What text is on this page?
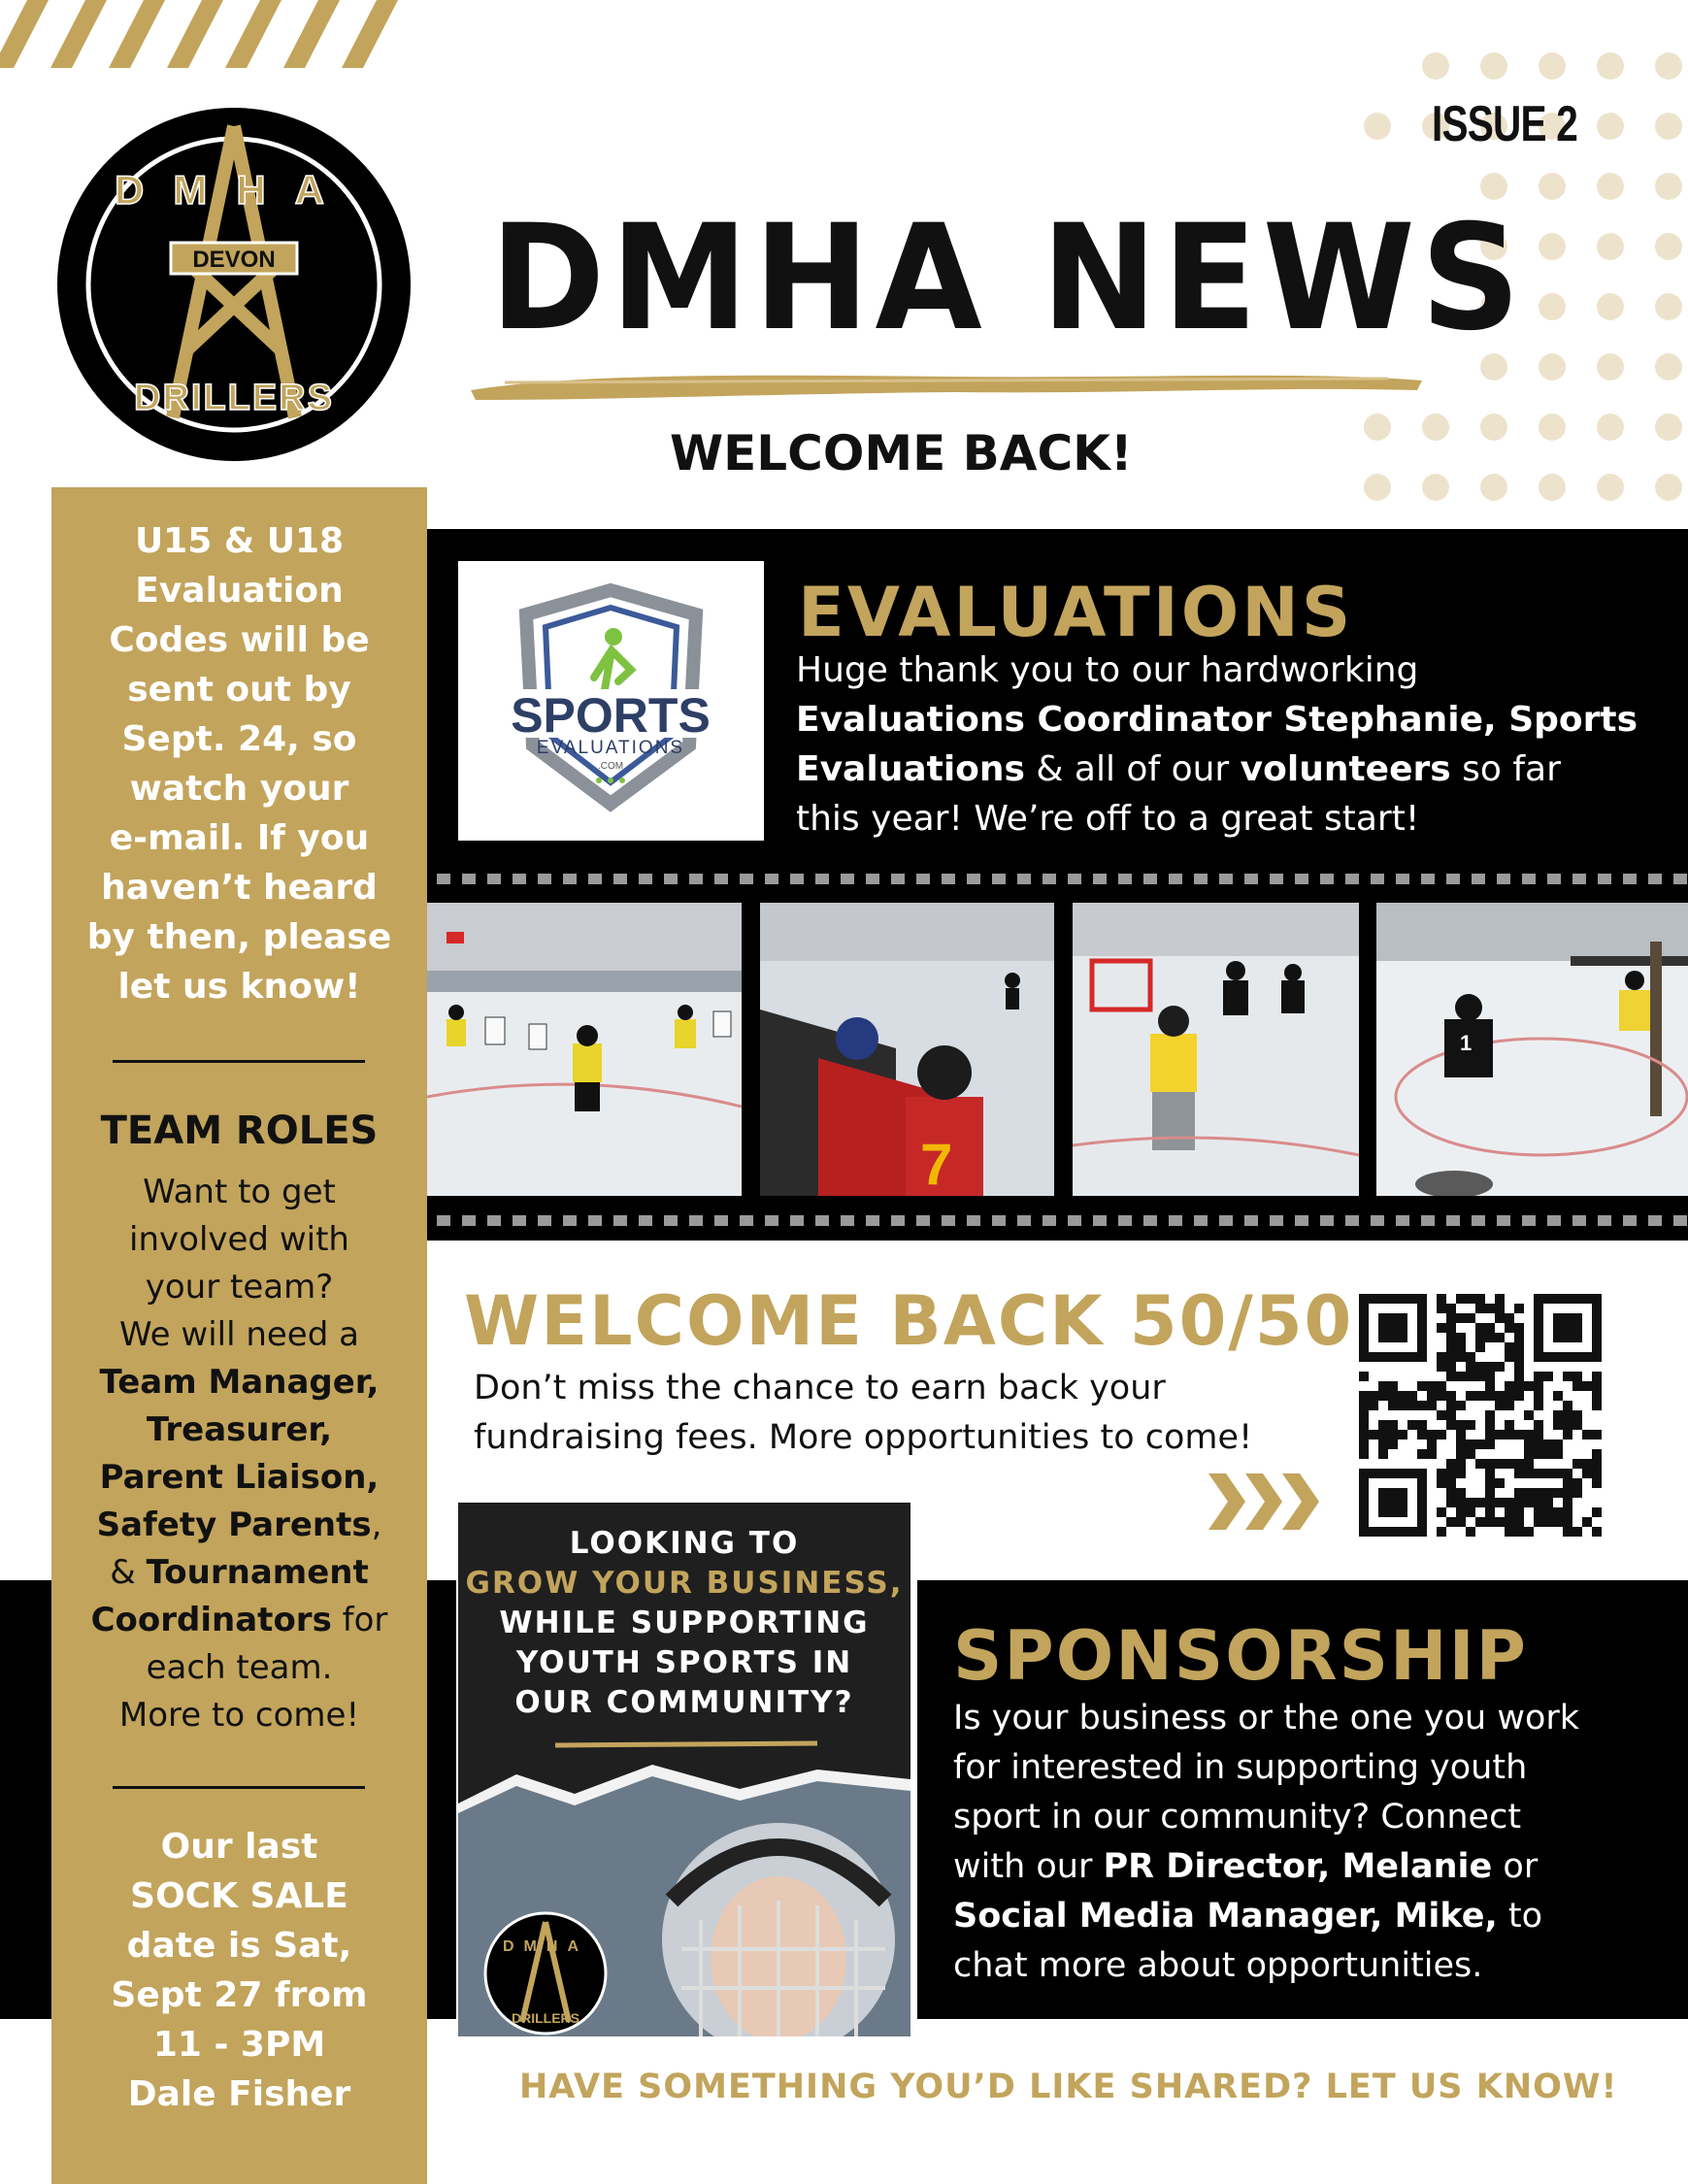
DEVON
DMHA
DRILLERS
ISSUE 2
DMHA NEWS
WELCOME BACK!
U15 & U18
Evaluation
Codes will be
sent out by
Sept. 24, so
watch your
e-mail. If you
haven’t heard
by then, please
let us know!
TEAM ROLES
Want to get
involved with
your team?
We will need a
Team Manager,
Treasurer,
Parent Liaison,
Safety Parents,
& Tournament
Coordinators for
each team.
More to come!
Our last
SOCK SALE
date is Sat,
Sept 27 from
11 - 3PM
Dale Fisher
SPORTS
EVALUATIONS
.COM
EVALUATIONS
Huge thank you to our hardworking
Evaluations Coordinator Stephanie, Sports
Evaluations & all of our volunteers so far
this year! We’re off to a great start!
7
1
WELCOME BACK 50/50
Don’t miss the chance to earn back your
fundraising fees. More opportunities to come!
LOOKING TO
GROW YOUR BUSINESS,
WHILE SUPPORTING
YOUTH SPORTS IN
OUR COMMUNITY?
DMHA
DRILLERS
SPONSORSHIP
Is your business or the one you work
for interested in supporting youth
sport in our community? Connect
with our PR Director, Melanie or
Social Media Manager, Mike, to
chat more about opportunities.
HAVE SOMETHING YOU’D LIKE SHARED? LET US KNOW!
